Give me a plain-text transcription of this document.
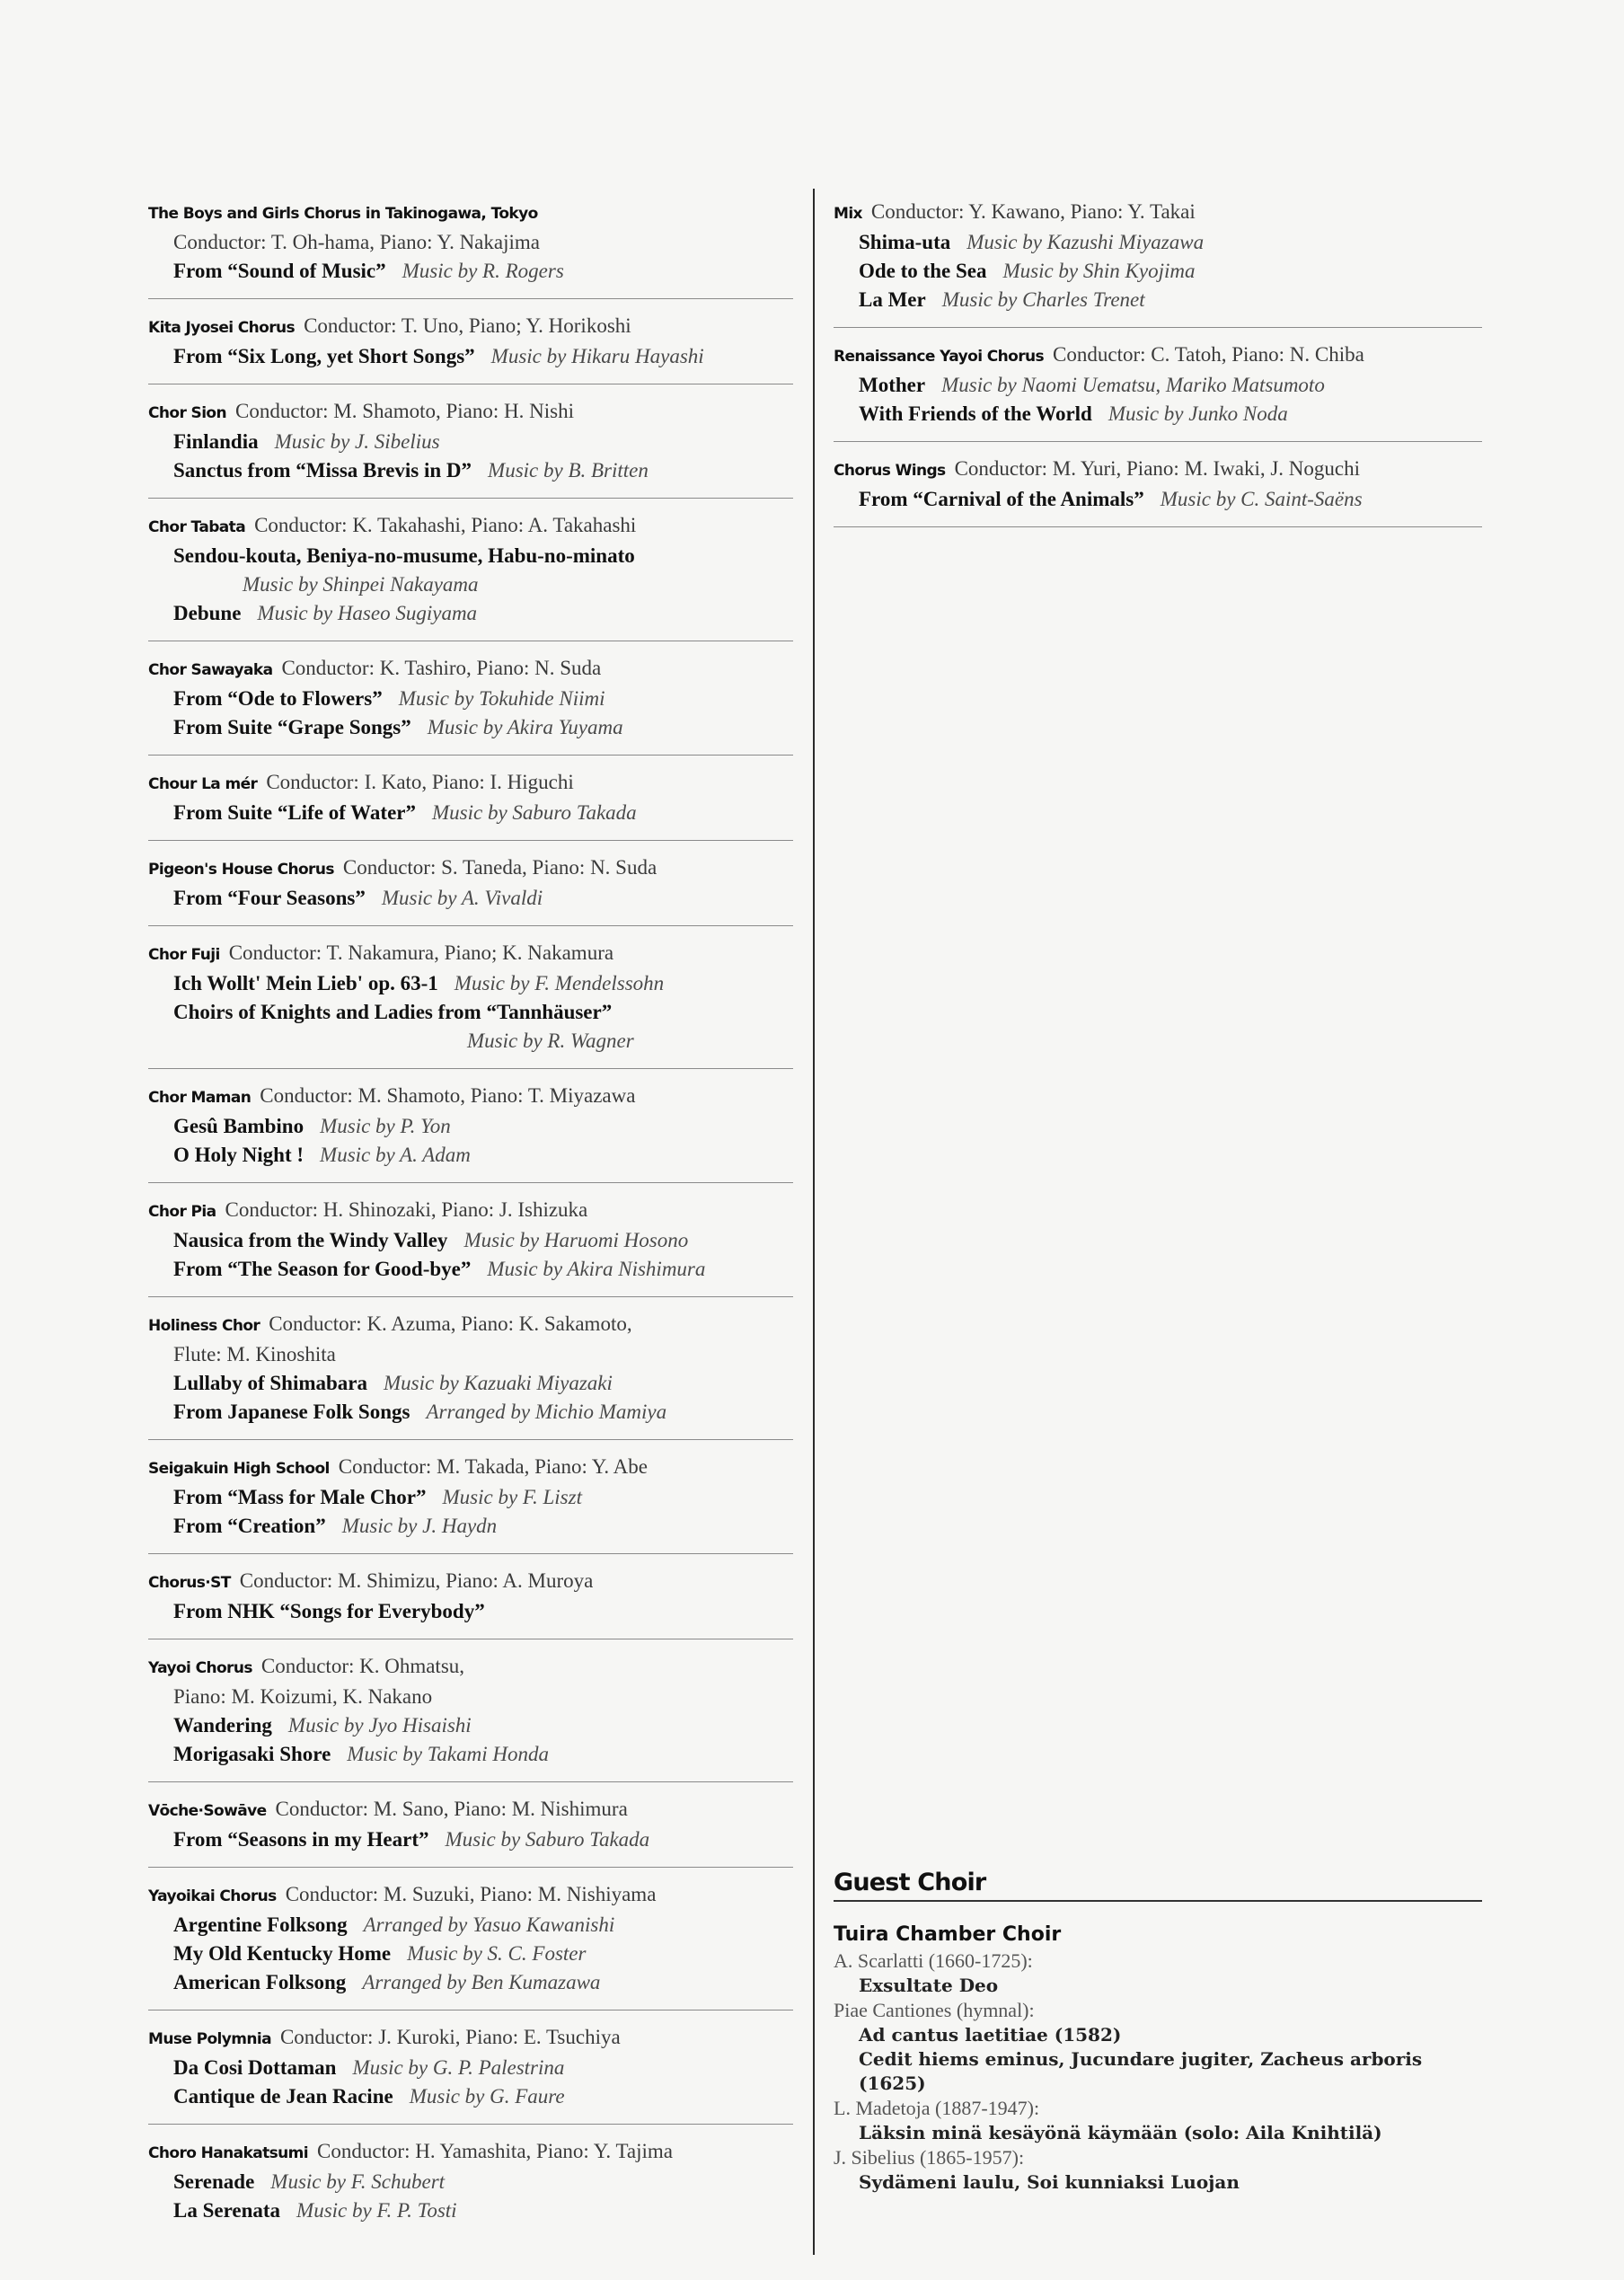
The Boys and Girls Chorus in Takinogawa, Tokyo
Conductor: T. Oh-hama, Piano: Y. Nakajima
From “Sound of Music” Music by R. Rogers
Kita Jyosei Chorus Conductor: T. Uno, Piano; Y. Horikoshi
From “Six Long, yet Short Songs” Music by Hikaru Hayashi
Chor Sion Conductor: M. Shamoto, Piano: H. Nishi
Finlandia Music by J. Sibelius
Sanctus from “Missa Brevis in D” Music by B. Britten
Chor Tabata Conductor: K. Takahashi, Piano: A. Takahashi
Sendou-kouta, Beniya-no-musume, Habu-no-minato
Music by Shinpei Nakayama
Debune Music by Haseo Sugiyama
Chor Sawayaka Conductor: K. Tashiro, Piano: N. Suda
From “Ode to Flowers” Music by Tokuhide Niimi
From Suite “Grape Songs” Music by Akira Yuyama
Chour La mér Conductor: I. Kato, Piano: I. Higuchi
From Suite “Life of Water” Music by Saburo Takada
Pigeon's House Chorus Conductor: S. Taneda, Piano: N. Suda
From “Four Seasons” Music by A. Vivaldi
Chor Fuji Conductor: T. Nakamura, Piano; K. Nakamura
Ich Wollt' Mein Lieb' op. 63-1 Music by F. Mendelssohn
Choirs of Knights and Ladies from “Tannhäuser”
Music by R. Wagner
Chor Maman Conductor: M. Shamoto, Piano: T. Miyazawa
Gesû Bambino Music by P. Yon
O Holy Night ! Music by A. Adam
Chor Pia Conductor: H. Shinozaki, Piano: J. Ishizuka
Nausica from the Windy Valley Music by Haruomi Hosono
From “The Season for Good-bye” Music by Akira Nishimura
Holiness Chor Conductor: K. Azuma, Piano: K. Sakamoto,
Flute: M. Kinoshita
Lullaby of Shimabara Music by Kazuaki Miyazaki
From Japanese Folk Songs Arranged by Michio Mamiya
Seigakuin High School Conductor: M. Takada, Piano: Y. Abe
From “Mass for Male Chor” Music by F. Liszt
From “Creation” Music by J. Haydn
Chorus·ST Conductor: M. Shimizu, Piano: A. Muroya
From NHK “Songs for Everybody”
Yayoi Chorus Conductor: K. Ohmatsu,
Piano: M. Koizumi, K. Nakano
Wandering Music by Jyo Hisaishi
Morigasaki Shore Music by Takami Honda
Vōche·Sowāve Conductor: M. Sano, Piano: M. Nishimura
From “Seasons in my Heart” Music by Saburo Takada
Yayoikai Chorus Conductor: M. Suzuki, Piano: M. Nishiyama
Argentine Folksong Arranged by Yasuo Kawanishi
My Old Kentucky Home Music by S. C. Foster
American Folksong Arranged by Ben Kumazawa
Muse Polymnia Conductor: J. Kuroki, Piano: E. Tsuchiya
Da Cosi Dottaman Music by G. P. Palestrina
Cantique de Jean Racine Music by G. Faure
Choro Hanakatsumi Conductor: H. Yamashita, Piano: Y. Tajima
Serenade Music by F. Schubert
La Serenata Music by F. P. Tosti
Mix Conductor: Y. Kawano, Piano: Y. Takai
Shima-uta Music by Kazushi Miyazawa
Ode to the Sea Music by Shin Kyojima
La Mer Music by Charles Trenet
Renaissance Yayoi Chorus Conductor: C. Tatoh, Piano: N. Chiba
Mother Music by Naomi Uematsu, Mariko Matsumoto
With Friends of the World Music by Junko Noda
Chorus Wings Conductor: M. Yuri, Piano: M. Iwaki, J. Noguchi
From “Carnival of the Animals” Music by C. Saint-Saëns
Guest Choir
Tuira Chamber Choir
A. Scarlatti (1660-1725):
Exsultate Deo
Piae Cantiones (hymnal):
Ad cantus laetitiae (1582)
Cedit hiems eminus, Jucundare jugiter, Zacheus arboris (1625)
L. Madetoja (1887-1947):
Läksin minä kesäyönä käymään (solo: Aila Knihtilä)
J. Sibelius (1865-1957):
Sydämeni laulu, Soi kunniaksi Luojan
